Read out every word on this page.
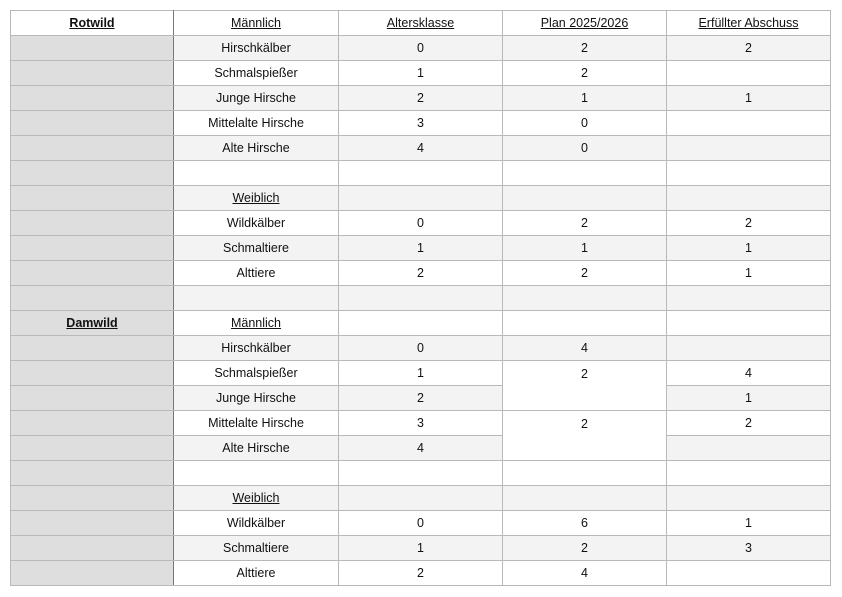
Rotwild	Männlich	Altersklasse	Plan 2025/2026	Erfüllter Abschuss
	Hirschkälber	0	2	2
	Schmalspießer	1	2	
	Junge Hirsche	2	1	1
	Mittelalte Hirsche	3	0	
	Alte Hirsche	4	0	

	Weiblich			
	Wildkälber	0	2	2
	Schmaltiere	1	1	1
	Alttiere	2	2	1

Damwild	Männlich			
	Hirschkälber	0	4	
	Schmalspießer	1	2	4
	Junge Hirsche	2		1
	Mittelalte Hirsche	3	2	2
	Alte Hirsche	4		

	Weiblich			
	Wildkälber	0	6	1
	Schmaltiere	1	2	3
	Alttiere	2	4	
